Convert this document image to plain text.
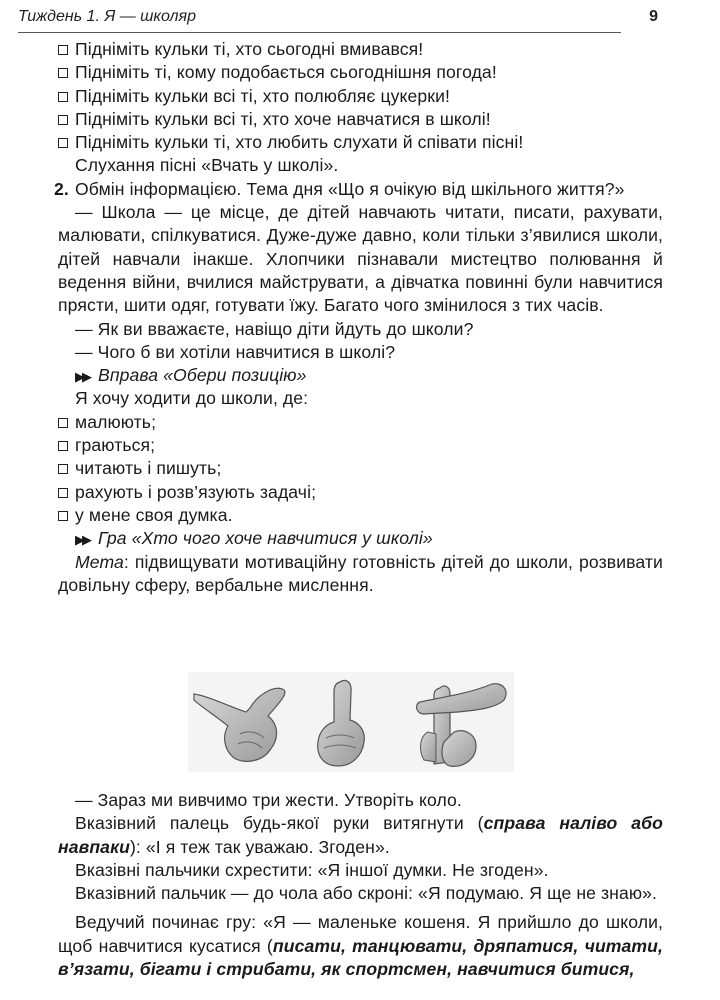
Тиждень 1. Я — школяр	9

Підніміть кульки ті, хто сьогодні вмивався!

Підніміть ті, кому подобається сьогоднішня погода!

Підніміть кульки всі ті, хто полюбляє цукерки!

Підніміть кульки всі ті, хто хоче навчатися в школі!

Підніміть кульки ті, хто любить слухати й співати пісні!

Слухання пісні «Вчать у школі».

2. Обмін інформацією. Тема дня «Що я очікую від шкільного життя?»

— Школа — це місце, де дітей навчають читати, писати, рахувати, малювати, спілкуватися. Дуже-дуже давно, коли тільки з’явилися школи, дітей навчали інакше. Хлопчики пізнавали мистецтво полювання й ведення війни, вчилися майструвати, а дівчатка повинні були навчитися прясти, шити одяг, готувати їжу. Багато чого змінилося з тих часів.

— Як ви вважаєте, навіщо діти йдуть до школи?

— Чого б ви хотіли навчитися в школі?

▶▶ Вправа «Обери позицію»

Я хочу ходити до школи, де:

малюють;

граються;

читають і пишуть;

рахують і розв’язують задачі;

у мене своя думка.

▶▶ Гра «Хто чого хоче навчитися у школі»

Мета: підвищувати мотиваційну готовність дітей до школи, розвивати довільну сферу, вербальне мислення.

— Зараз ми вивчимо три жести. Утворіть коло.

Вказівний палець будь-якої руки витягнути (справа наліво або навпаки): «І я теж так уважаю. Згоден».

Вказівні пальчики схрестити: «Я іншої думки. Не згоден».

Вказівний пальчик — до чола або скроні: «Я подумаю. Я ще не знаю».

Ведучий починає гру: «Я — маленьке кошеня. Я прийшло до школи, щоб навчитися кусатися (писати, танцювати, дряпатися, читати, в’язати, бігати і стрибати, як спортсмен, навчитися битися,
